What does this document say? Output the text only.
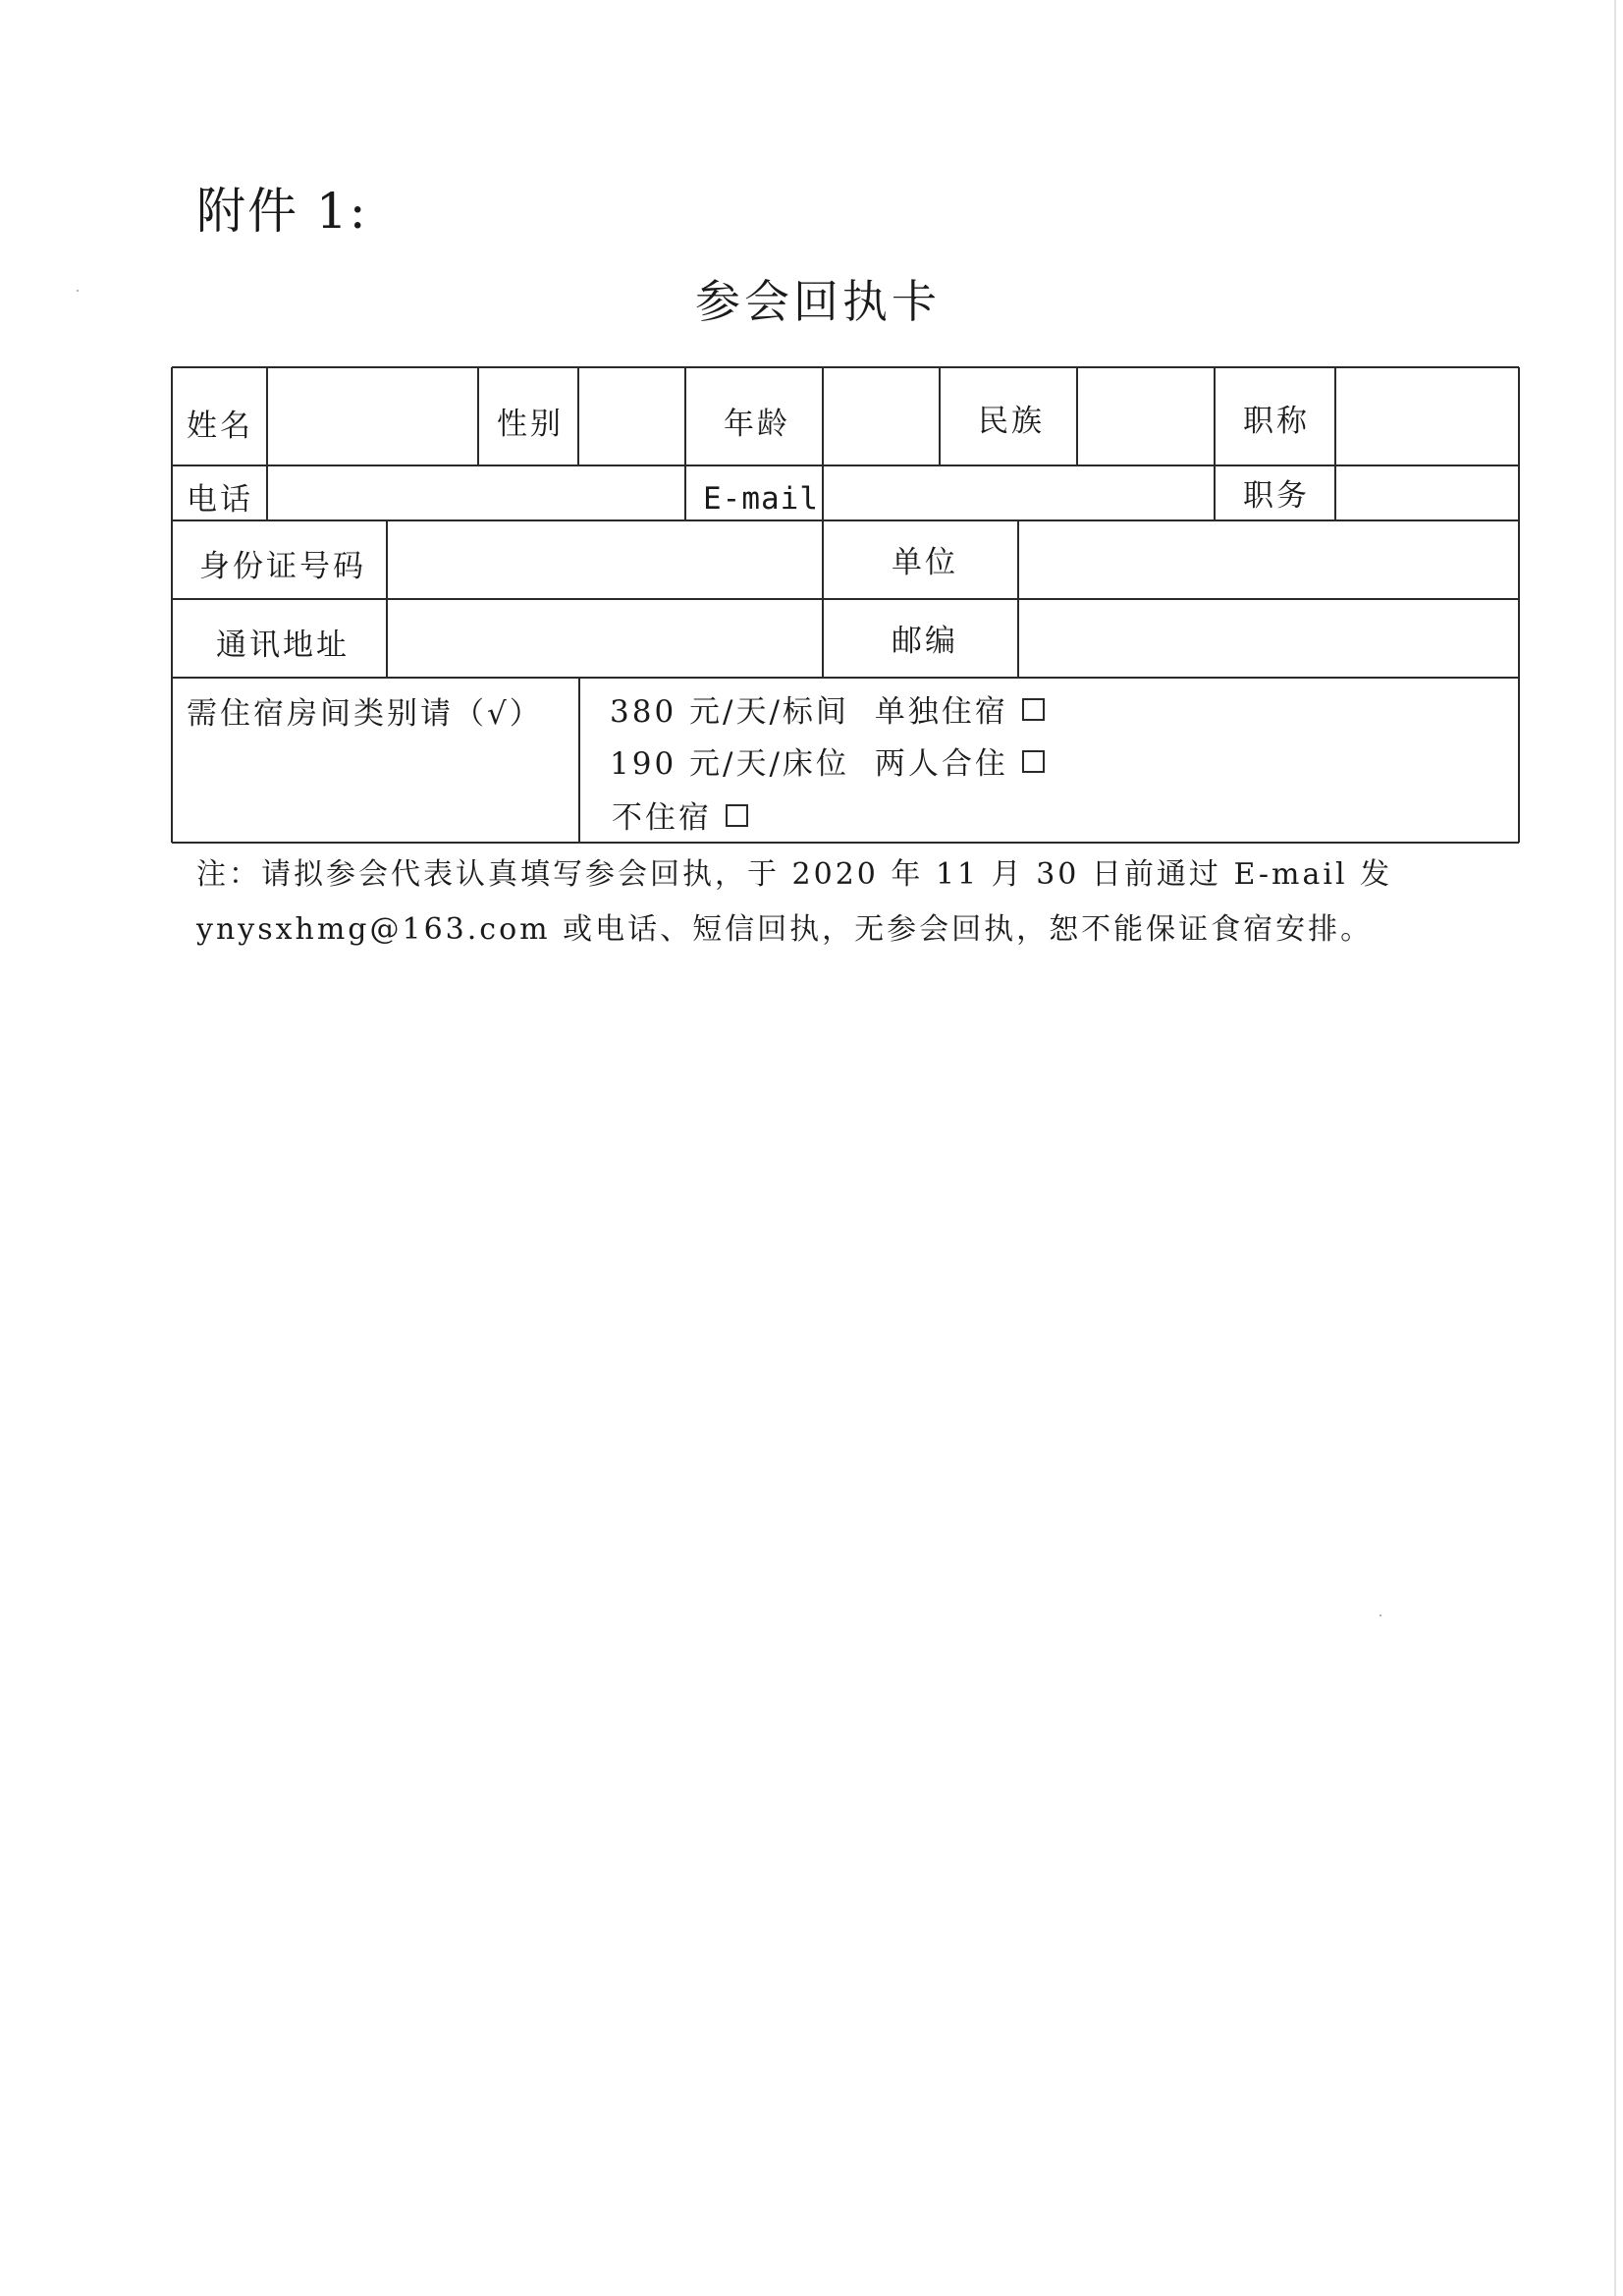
附件 1:
参会回执卡
姓名	性别	年龄	民族	职称
电话	E-mail	职务
身份证号码	单位
通讯地址	邮编
需住宿房间类别请（√） 380 元/天/标间 单独住宿
190 元/天/床位 两人合住
不住宿
注：请拟参会代表认真填写参会回执，于 2020 年 11 月 30 日前通过 E-mail 发
ynysxhmg@163.com 或电话、短信回执，无参会回执，恕不能保证食宿安排。
